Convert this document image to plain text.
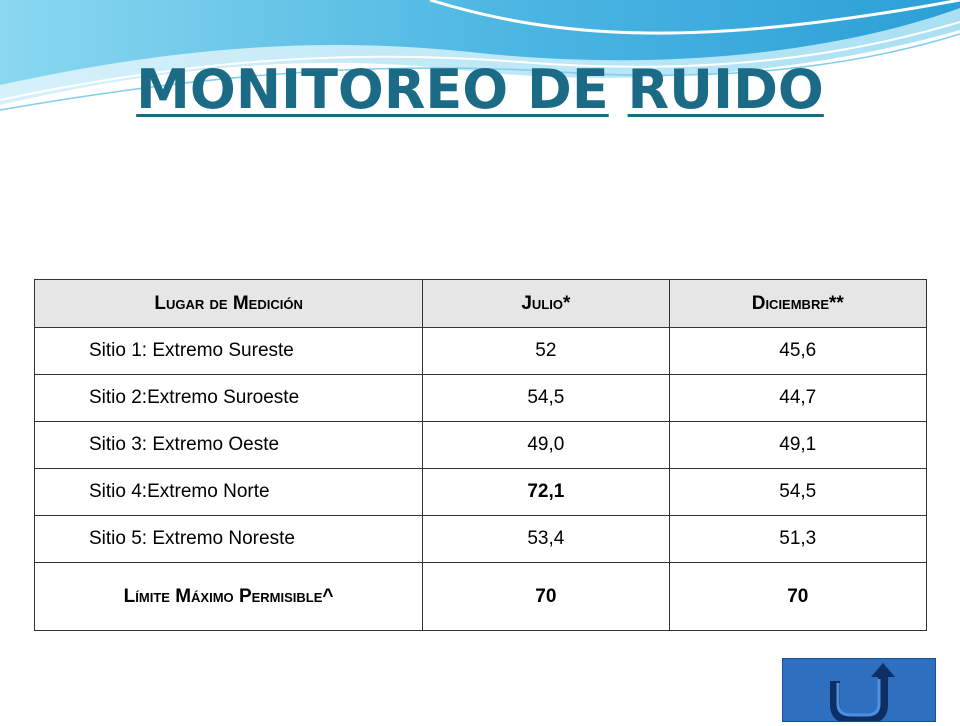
MONITOREO DE RUIDO
Lugar de Medición	Julio*	Diciembre**
Sitio 1: Extremo Sureste	52	45,6
Sitio 2:Extremo Suroeste	54,5	44,7
Sitio 3: Extremo Oeste	49,0	49,1
Sitio 4:Extremo Norte	72,1	54,5
Sitio 5: Extremo Noreste	53,4	51,3
Límite Máximo Permisible^	70	70
